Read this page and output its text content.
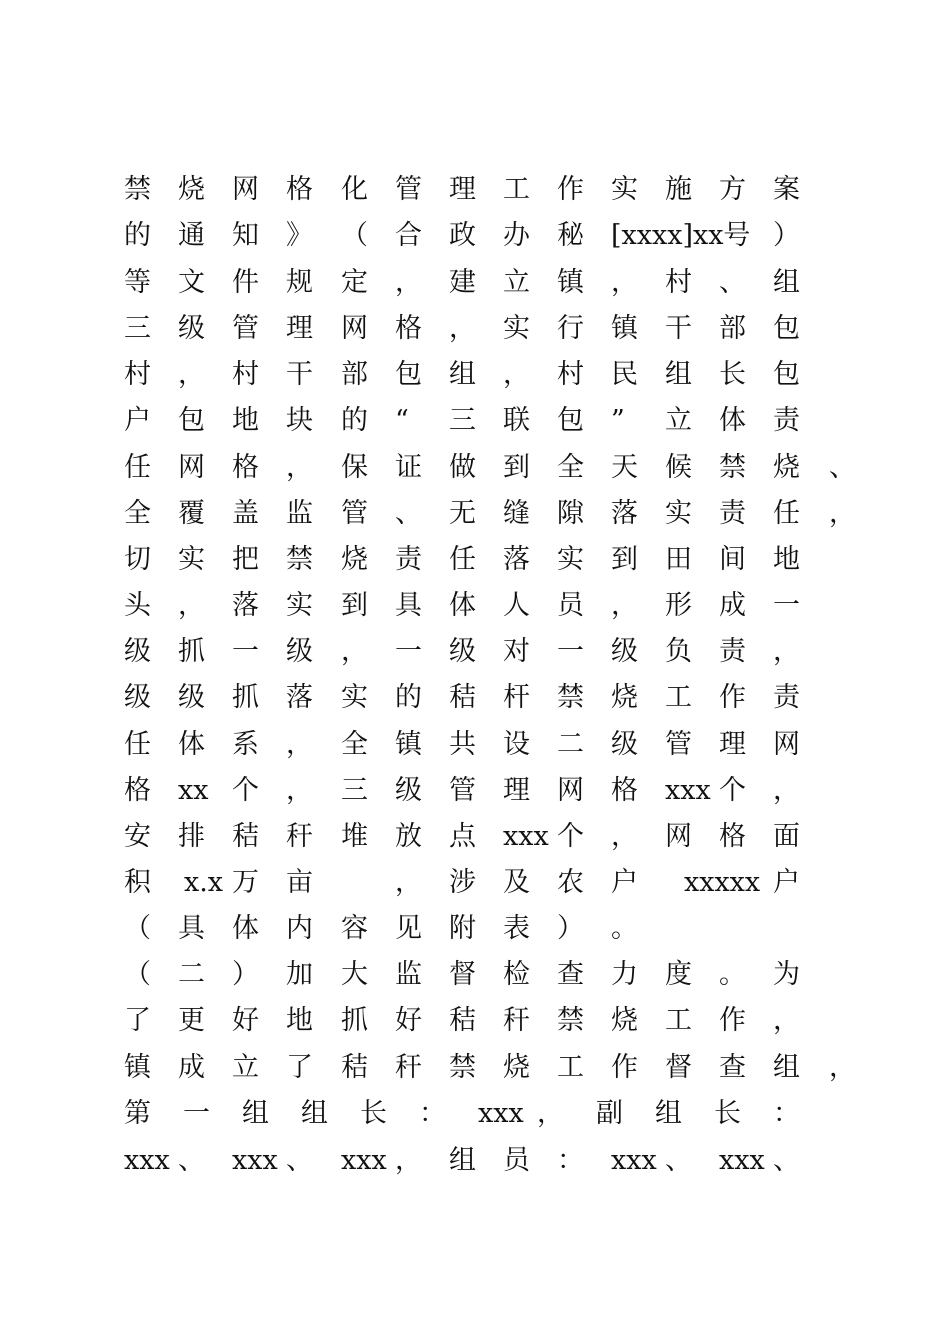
禁 烧 网 格 化 管 理 工 作 实 施 方 案
的 通 知 》 （ 合 政 办 秘 [xxxx]xx号 ）
等 文 件 规 定 ， 建 立 镇 ， 村 、 组
三 级 管 理 网 格 ， 实 行 镇 干 部 包
村 ， 村 干 部 包 组 ， 村 民 组 长 包
户 包 地 块 的 “ 三 联 包 ” 立 体 责
任 网 格 ， 保 证 做 到 全 天 候 禁 烧 、
全 覆 盖 监 管 、 无 缝 隙 落 实 责 任 ，
切 实 把 禁 烧 责 任 落 实 到 田 间 地
头 ， 落 实 到 具 体 人 员 ， 形 成 一
级 抓 一 级 ， 一 级 对 一 级 负 责 ，
级 级 抓 落 实 的 秸 杆 禁 烧 工 作 责
任 体 系 ， 全 镇 共 设 二 级 管 理 网
格 xx 个 ， 三 级 管 理 网 格 xxx 个 ，
安 排 秸 秆 堆 放 点 xxx 个 ， 网 格 面
积 x.x 万 亩	， 涉 及 农 户 xxxxx 户
（ 具 体 内 容 见 附 表 ） 。
（ 二 ） 加 大 监 督 检 查 力 度 。 为
了 更 好 地 抓 好 秸 秆 禁 烧 工 作 ，
镇 成 立 了 秸 秆 禁 烧 工 作 督 查 组 ，
第 一 组 组 长 ： xxx ， 副 组 长 ：
xxx 、 xxx 、 xxx ， 组 员 ： xxx 、 xxx 、
